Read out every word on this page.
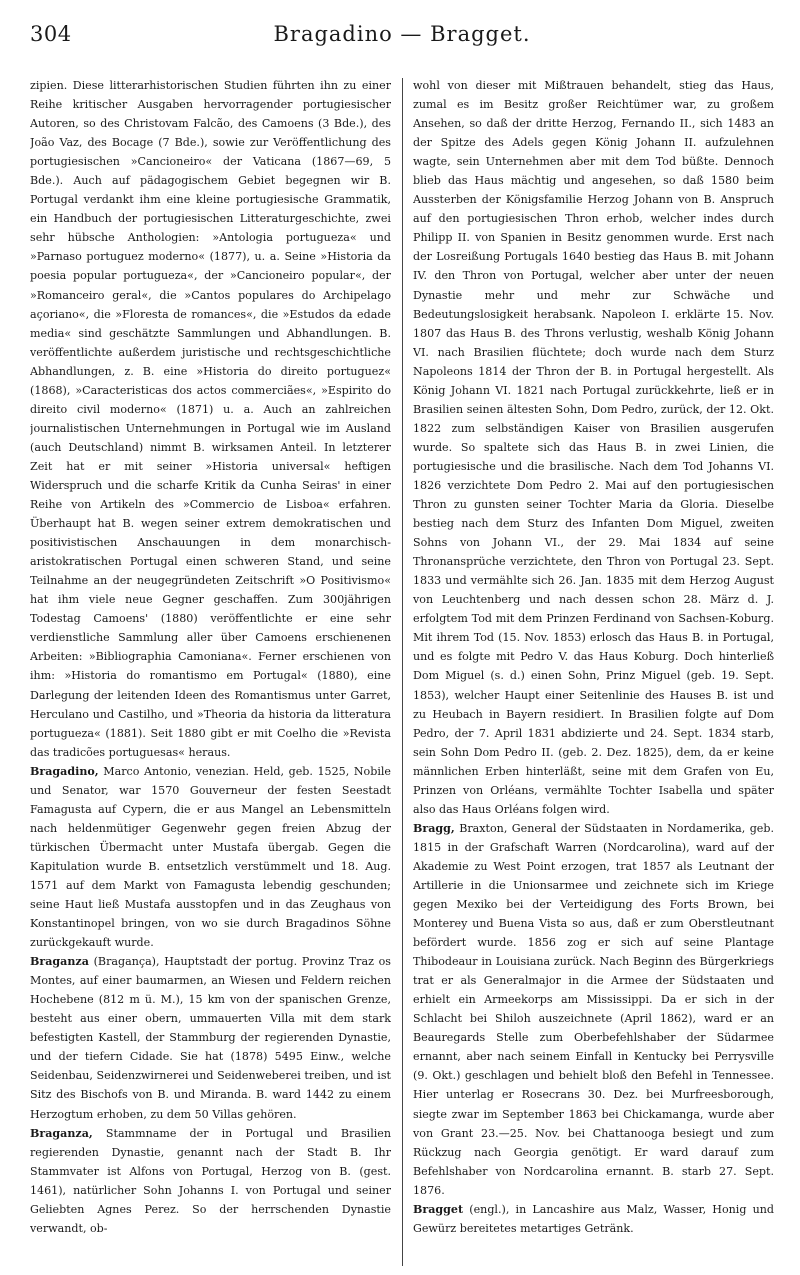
304	Bragadino — Bragget.

zipien. Diese litterarhistorischen Studien führten ihn zu einer Reihe kritischer Ausgaben hervorragender portugiesischer Autoren, so des Christovam Falcão, des Camoens (3 Bde.), des João Vaz, des Bocage (7 Bde.), sowie zur Veröffentlichung des portugiesischen »Cancioneiro« der Vaticana (1867—69, 5 Bde.). Auch auf pädagogischem Gebiet begegnen wir B. Portugal verdankt ihm eine kleine portugiesische Grammatik, ein Handbuch der portugiesischen Litteraturgeschichte, zwei sehr hübsche Anthologien: »Antologia portugueza« und »Parnaso portuguez moderno« (1877), u. a. Seine »Historia da poesia popular portugueza«, der »Cancioneiro popular«, der »Romanceiro geral«, die »Cantos populares do Archipelago açoriano«, die »Floresta de romances«, die »Estudos da edade media« sind geschätzte Sammlungen und Abhandlungen. B. veröffentlichte außerdem juristische und rechtsgeschichtliche Abhandlungen, z. B. eine »Historia do direito portuguez« (1868), »Caracteristicas dos actos commerciães«, »Espirito do direito civil moderno« (1871) u. a. Auch an zahlreichen journalistischen Unternehmungen in Portugal wie im Ausland (auch Deutschland) nimmt B. wirksamen Anteil. In letzterer Zeit hat er mit seiner »Historia universal« heftigen Widerspruch und die scharfe Kritik da Cunha Seiras' in einer Reihe von Artikeln des »Commercio de Lisboa« erfahren. Überhaupt hat B. wegen seiner extrem demokratischen und positivistischen Anschauungen in dem monarchisch-aristokratischen Portugal einen schweren Stand, und seine Teilnahme an der neugegründeten Zeitschrift »O Positivismo« hat ihm viele neue Gegner geschaffen. Zum 300jährigen Todestag Camoens' (1880) veröffentlichte er eine sehr verdienstliche Sammlung aller über Camoens erschienenen Arbeiten: »Bibliographia Camoniana«. Ferner erschienen von ihm: »Historia do romantismo em Portugal« (1880), eine Darlegung der leitenden Ideen des Romantismus unter Garret, Herculano und Castilho, und »Theoria da historia da litteratura portugueza« (1881). Seit 1880 gibt er mit Coelho die »Revista das tradicões portuguesas« heraus.

Bragadino, Marco Antonio, venezian. Held, geb. 1525, Nobile und Senator, war 1570 Gouverneur der festen Seestadt Famagusta auf Cypern, die er aus Mangel an Lebensmitteln nach heldenmütiger Gegenwehr gegen freien Abzug der türkischen Übermacht unter Mustafa übergab. Gegen die Kapitulation wurde B. entsetzlich verstümmelt und 18. Aug. 1571 auf dem Markt von Famagusta lebendig geschunden; seine Haut ließ Mustafa ausstopfen und in das Zeughaus von Konstantinopel bringen, von wo sie durch Bragadinos Söhne zurückgekauft wurde.

Braganza (Bragança), Hauptstadt der portug. Provinz Traz os Montes, auf einer baumarmen, an Wiesen und Feldern reichen Hochebene (812 m ü. M.), 15 km von der spanischen Grenze, besteht aus einer obern, ummauerten Villa mit dem stark befestigten Kastell, der Stammburg der regierenden Dynastie, und der tiefern Cidade. Sie hat (1878) 5495 Einw., welche Seidenbau, Seidenzwirnerei und Seidenweberei treiben, und ist Sitz des Bischofs von B. und Miranda. B. ward 1442 zu einem Herzogtum erhoben, zu dem 50 Villas gehören.

Braganza, Stammname der in Portugal und Brasilien regierenden Dynastie, genannt nach der Stadt B. Ihr Stammvater ist Alfons von Portugal, Herzog von B. (gest. 1461), natürlicher Sohn Johanns I. von Portugal und seiner Geliebten Agnes Perez. So der herrschenden Dynastie verwandt, ob-

wohl von dieser mit Mißtrauen behandelt, stieg das Haus, zumal es im Besitz großer Reichtümer war, zu großem Ansehen, so daß der dritte Herzog, Fernando II., sich 1483 an der Spitze des Adels gegen König Johann II. aufzulehnen wagte, sein Unternehmen aber mit dem Tod büßte. Dennoch blieb das Haus mächtig und angesehen, so daß 1580 beim Aussterben der Königsfamilie Herzog Johann von B. Anspruch auf den portugiesischen Thron erhob, welcher indes durch Philipp II. von Spanien in Besitz genommen wurde. Erst nach der Losreißung Portugals 1640 bestieg das Haus B. mit Johann IV. den Thron von Portugal, welcher aber unter der neuen Dynastie mehr und mehr zur Schwäche und Bedeutungslosigkeit herabsank. Napoleon I. erklärte 15. Nov. 1807 das Haus B. des Throns verlustig, weshalb König Johann VI. nach Brasilien flüchtete; doch wurde nach dem Sturz Napoleons 1814 der Thron der B. in Portugal hergestellt. Als König Johann VI. 1821 nach Portugal zurückkehrte, ließ er in Brasilien seinen ältesten Sohn, Dom Pedro, zurück, der 12. Okt. 1822 zum selbständigen Kaiser von Brasilien ausgerufen wurde. So spaltete sich das Haus B. in zwei Linien, die portugiesische und die brasilische. Nach dem Tod Johanns VI. 1826 verzichtete Dom Pedro 2. Mai auf den portugiesischen Thron zu gunsten seiner Tochter Maria da Gloria. Dieselbe bestieg nach dem Sturz des Infanten Dom Miguel, zweiten Sohns von Johann VI., der 29. Mai 1834 auf seine Thronansprüche verzichtete, den Thron von Portugal 23. Sept. 1833 und vermählte sich 26. Jan. 1835 mit dem Herzog August von Leuchtenberg und nach dessen schon 28. März d. J. erfolgtem Tod mit dem Prinzen Ferdinand von Sachsen-Koburg. Mit ihrem Tod (15. Nov. 1853) erlosch das Haus B. in Portugal, und es folgte mit Pedro V. das Haus Koburg. Doch hinterließ Dom Miguel (s. d.) einen Sohn, Prinz Miguel (geb. 19. Sept. 1853), welcher Haupt einer Seitenlinie des Hauses B. ist und zu Heubach in Bayern residiert. In Brasilien folgte auf Dom Pedro, der 7. April 1831 abdizierte und 24. Sept. 1834 starb, sein Sohn Dom Pedro II. (geb. 2. Dez. 1825), dem, da er keine männlichen Erben hinterläßt, seine mit dem Grafen von Eu, Prinzen von Orléans, vermählte Tochter Isabella und später also das Haus Orléans folgen wird.

Bragg, Braxton, General der Südstaaten in Nordamerika, geb. 1815 in der Grafschaft Warren (Nordcarolina), ward auf der Akademie zu West Point erzogen, trat 1857 als Leutnant der Artillerie in die Unionsarmee und zeichnete sich im Kriege gegen Mexiko bei der Verteidigung des Forts Brown, bei Monterey und Buena Vista so aus, daß er zum Oberstleutnant befördert wurde. 1856 zog er sich auf seine Plantage Thibodeaur in Louisiana zurück. Nach Beginn des Bürgerkriegs trat er als Generalmajor in die Armee der Südstaaten und erhielt ein Armeekorps am Mississippi. Da er sich in der Schlacht bei Shiloh auszeichnete (April 1862), ward er an Beauregards Stelle zum Oberbefehlshaber der Südarmee ernannt, aber nach seinem Einfall in Kentucky bei Perrysville (9. Okt.) geschlagen und behielt bloß den Befehl in Tennessee. Hier unterlag er Rosecrans 30. Dez. bei Murfreesborough, siegte zwar im September 1863 bei Chickamanga, wurde aber von Grant 23.—25. Nov. bei Chattanooga besiegt und zum Rückzug nach Georgia genötigt. Er ward darauf zum Befehlshaber von Nordcarolina ernannt. B. starb 27. Sept. 1876.

Bragget (engl.), in Lancashire aus Malz, Wasser, Honig und Gewürz bereitetes metartiges Getränk.
